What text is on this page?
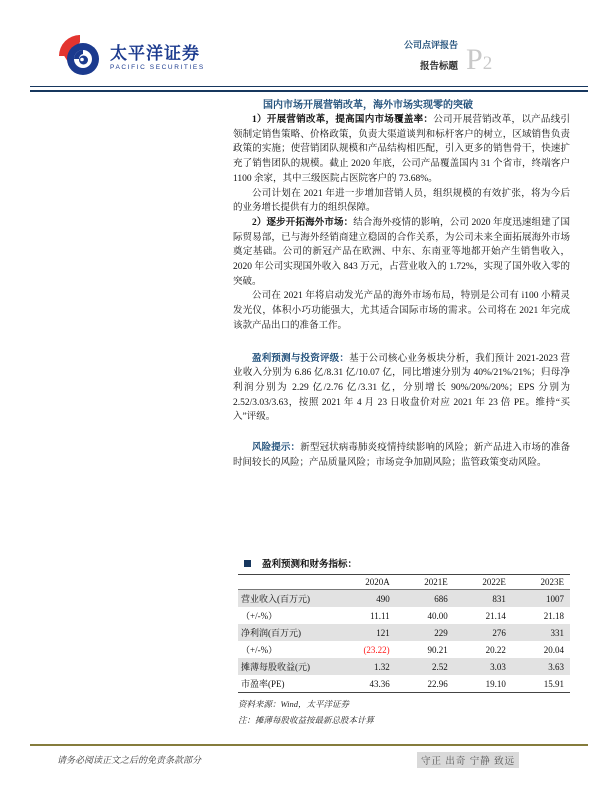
太平洋证券
PACIFIC SECURITIES
公司点评报告
报告标题 P2

国内市场开展营销改革，海外市场实现零的突破

1）开展营销改革，提高国内市场覆盖率：公司开展营销改革，以产品线引领制定销售策略、价格政策，负责大渠道谈判和标杆客户的树立，区域销售负责政策的实施；使营销团队规模和产品结构相匹配，引入更多的销售骨干，快速扩充了销售团队的规模。截止 2020 年底，公司产品覆盖国内 31 个省市，终端客户 1100 余家，其中三级医院占医院客户的 73.68%。

公司计划在 2021 年进一步增加营销人员，组织规模的有效扩张，将为今后的业务增长提供有力的组织保障。

2）逐步开拓海外市场：结合海外疫情的影响，公司 2020 年度迅速组建了国际贸易部，已与海外经销商建立稳固的合作关系，为公司未来全面拓展海外市场奠定基础。公司的新冠产品在欧洲、中东、东南亚等地都开始产生销售收入，2020 年公司实现国外收入 843 万元，占营业收入的 1.72%，实现了国外收入零的突破。

公司在 2021 年将启动发光产品的海外市场布局，特别是公司有 i100 小精灵发光仪，体积小巧功能强大，尤其适合国际市场的需求。公司将在 2021 年完成该款产品出口的准备工作。

盈利预测与投资评级：基于公司核心业务板块分析，我们预计 2021-2023 营业收入分别为 6.86 亿/8.31 亿/10.07 亿，同比增速分别为 40%/21%/21%；归母净利润分别为 2.29 亿/2.76 亿/3.31 亿，分别增长 90%/20%/20%；EPS 分别为 2.52/3.03/3.63，按照 2021 年 4 月 23 日收盘价对应 2021 年 23 倍 PE。维持“买入”评级。

风险提示：新型冠状病毒肺炎疫情持续影响的风险；新产品进入市场的准备时间较长的风险；产品质量风险；市场竞争加剧风险；监管政策变动风险。

盈利预测和财务指标：
	2020A	2021E	2022E	2023E
营业收入(百万元)	490	686	831	1007
（+/-%）	11.11	40.00	21.14	21.18
净利润(百万元)	121	229	276	331
（+/-%）	(23.22)	90.21	20.22	20.04
摊薄每股收益(元)	1.32	2.52	3.03	3.63
市盈率(PE)	43.36	22.96	19.10	15.91
资料来源：Wind，太平洋证券
注：摊薄每股收益按最新总股本计算
请务必阅读正文之后的免责条款部分	守正 出奇 宁静 致远
